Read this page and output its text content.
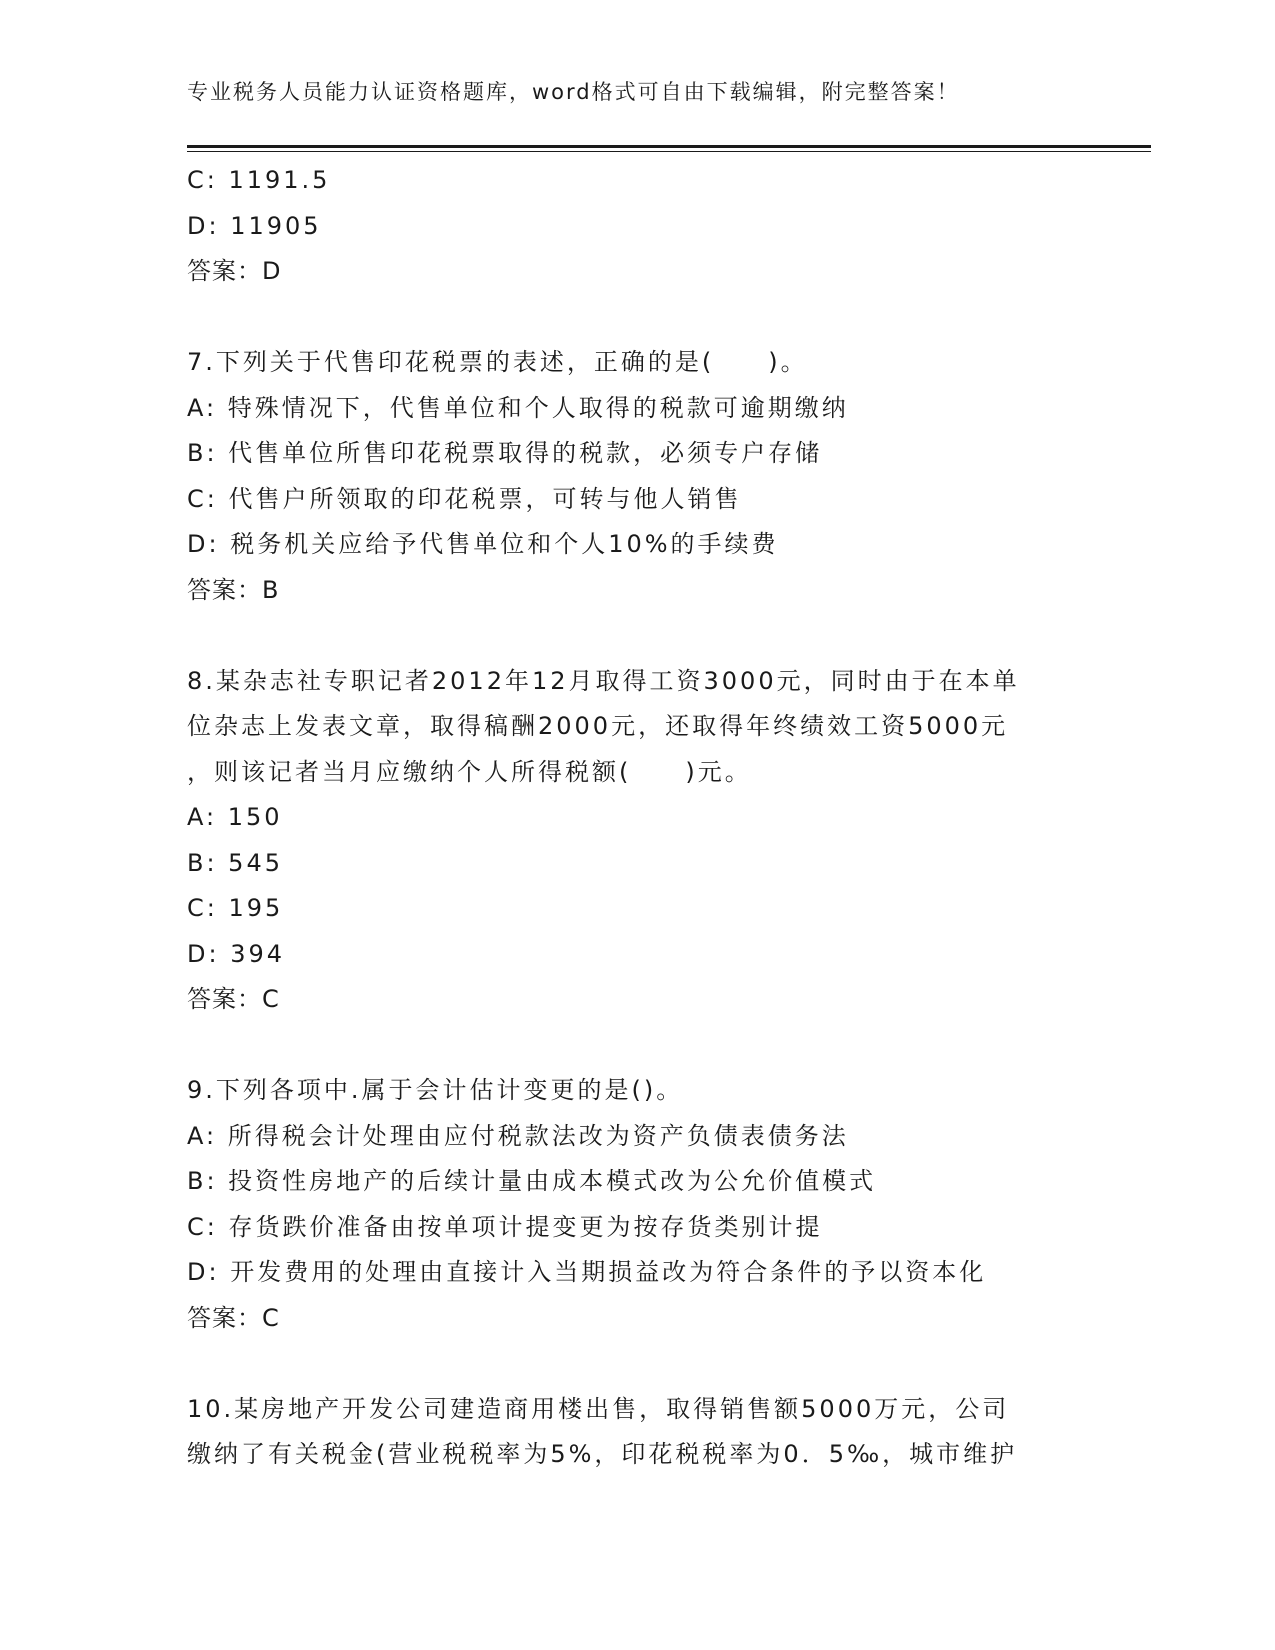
专业税务人员能力认证资格题库，word格式可自由下载编辑，附完整答案！
C: 1191.5
D: 11905
答案：D
7.下列关于代售印花税票的表述，正确的是(　　)。
A: 特殊情况下，代售单位和个人取得的税款可逾期缴纳
B: 代售单位所售印花税票取得的税款，必须专户存储
C: 代售户所领取的印花税票，可转与他人销售
D: 税务机关应给予代售单位和个人10%的手续费
答案：B
8.某杂志社专职记者2012年12月取得工资3000元，同时由于在本单
位杂志上发表文章，取得稿酬2000元，还取得年终绩效工资5000元
，则该记者当月应缴纳个人所得税额(　　)元。
A: 150
B: 545
C: 195
D: 394
答案：C
9.下列各项中.属于会计估计变更的是()。
A: 所得税会计处理由应付税款法改为资产负债表债务法
B: 投资性房地产的后续计量由成本模式改为公允价值模式
C: 存货跌价准备由按单项计提变更为按存货类别计提
D: 开发费用的处理由直接计入当期损益改为符合条件的予以资本化
答案：C
10.某房地产开发公司建造商用楼出售，取得销售额5000万元，公司
缴纳了有关税金(营业税税率为5%，印花税税率为0．5‰，城市维护
